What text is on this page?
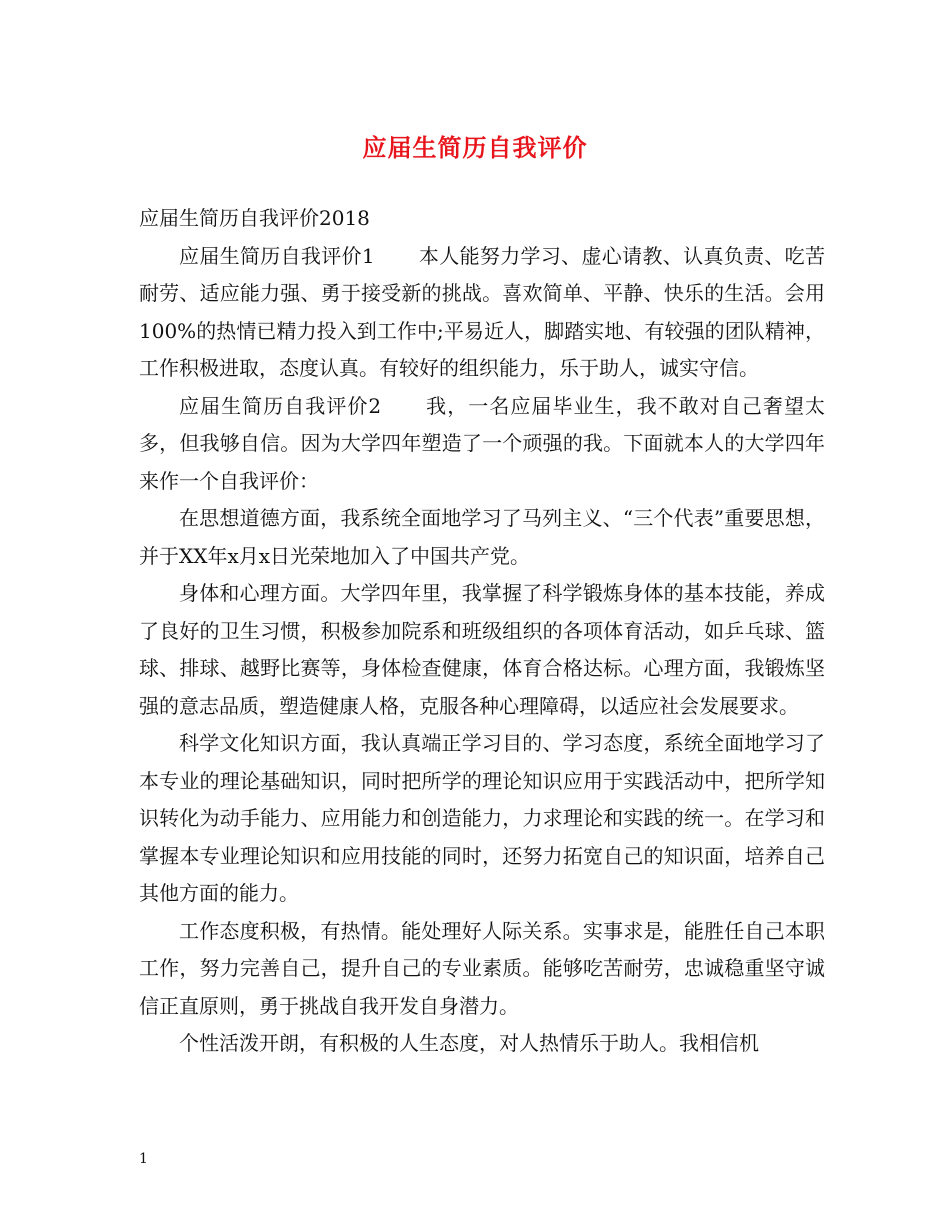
应届生简历自我评价

应届生简历自我评价2018

应届生简历自我评价1 本人能努力学习、虚心请教、认真负责、吃苦耐劳、适应能力强、勇于接受新的挑战。喜欢简单、平静、快乐的生活。会用100%的热情已精力投入到工作中;平易近人，脚踏实地、有较强的团队精神，工作积极进取，态度认真。有较好的组织能力，乐于助人，诚实守信。

应届生简历自我评价2 我，一名应届毕业生，我不敢对自己奢望太多，但我够自信。因为大学四年塑造了一个顽强的我。下面就本人的大学四年来作一个自我评价：

在思想道德方面，我系统全面地学习了马列主义、“三个代表”重要思想，并于XX年x月x日光荣地加入了中国共产党。

身体和心理方面。大学四年里，我掌握了科学锻炼身体的基本技能，养成了良好的卫生习惯，积极参加院系和班级组织的各项体育活动，如乒乓球、篮球、排球、越野比赛等，身体检查健康，体育合格达标。心理方面，我锻炼坚强的意志品质，塑造健康人格，克服各种心理障碍，以适应社会发展要求。

科学文化知识方面，我认真端正学习目的、学习态度，系统全面地学习了本专业的理论基础知识，同时把所学的理论知识应用于实践活动中，把所学知识转化为动手能力、应用能力和创造能力，力求理论和实践的统一。在学习和掌握本专业理论知识和应用技能的同时，还努力拓宽自己的知识面，培养自己其他方面的能力。

工作态度积极，有热情。能处理好人际关系。实事求是，能胜任自己本职工作，努力完善自己，提升自己的专业素质。能够吃苦耐劳，忠诚稳重坚守诚信正直原则，勇于挑战自我开发自身潜力。

个性活泼开朗，有积极的人生态度，对人热情乐于助人。我相信机

1
